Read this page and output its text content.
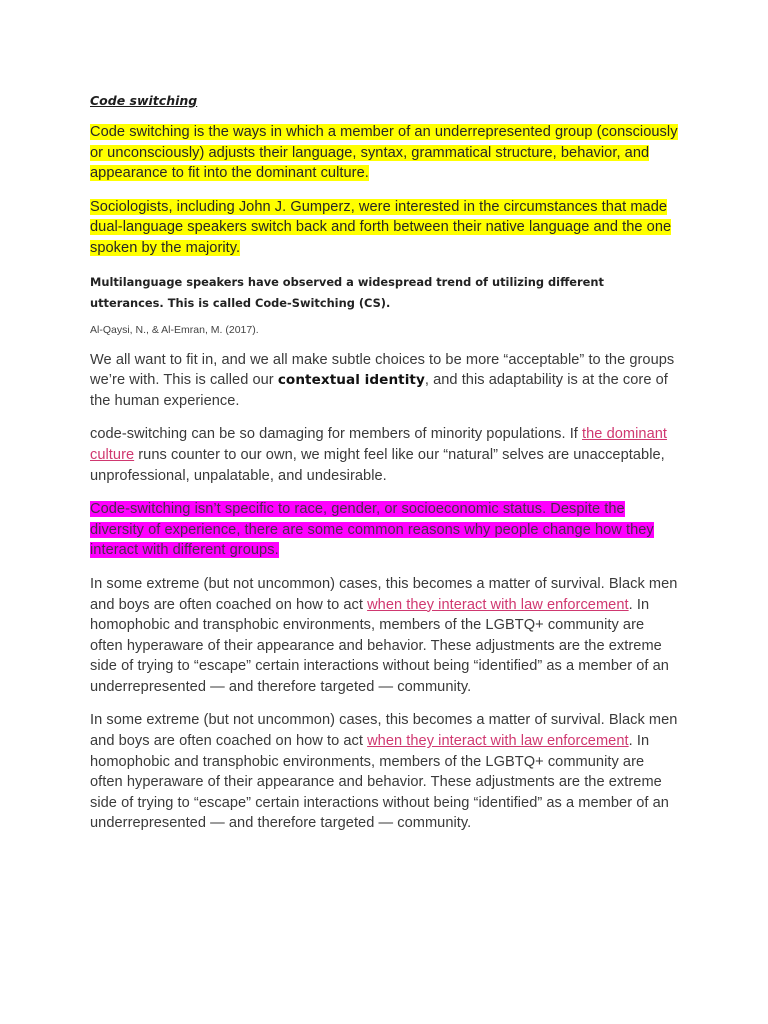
Code switching

Code switching is the ways in which a member of an underrepresented group (consciously or unconsciously) adjusts their language, syntax, grammatical structure, behavior, and appearance to fit into the dominant culture.

Sociologists, including John J. Gumperz, were interested in the circumstances that made dual-language speakers switch back and forth between their native language and the one spoken by the majority.

Multilanguage speakers have observed a widespread trend of utilizing different utterances. This is called Code-Switching (CS).

Al-Qaysi, N., & Al-Emran, M. (2017).

We all want to fit in, and we all make subtle choices to be more “acceptable” to the groups we’re with. This is called our contextual identity, and this adaptability is at the core of the human experience.

code-switching can be so damaging for members of minority populations. If the dominant culture runs counter to our own, we might feel like our “natural” selves are unacceptable, unprofessional, unpalatable, and undesirable.

Code-switching isn’t specific to race, gender, or socioeconomic status. Despite the diversity of experience, there are some common reasons why people change how they interact with different groups.

In some extreme (but not uncommon) cases, this becomes a matter of survival. Black men and boys are often coached on how to act when they interact with law enforcement. In homophobic and transphobic environments, members of the LGBTQ+ community are often hyperaware of their appearance and behavior. These adjustments are the extreme side of trying to “escape” certain interactions without being “identified” as a member of an underrepresented — and therefore targeted — community.

In some extreme (but not uncommon) cases, this becomes a matter of survival. Black men and boys are often coached on how to act when they interact with law enforcement. In homophobic and transphobic environments, members of the LGBTQ+ community are often hyperaware of their appearance and behavior. These adjustments are the extreme side of trying to “escape” certain interactions without being “identified” as a member of an underrepresented — and therefore targeted — community.
